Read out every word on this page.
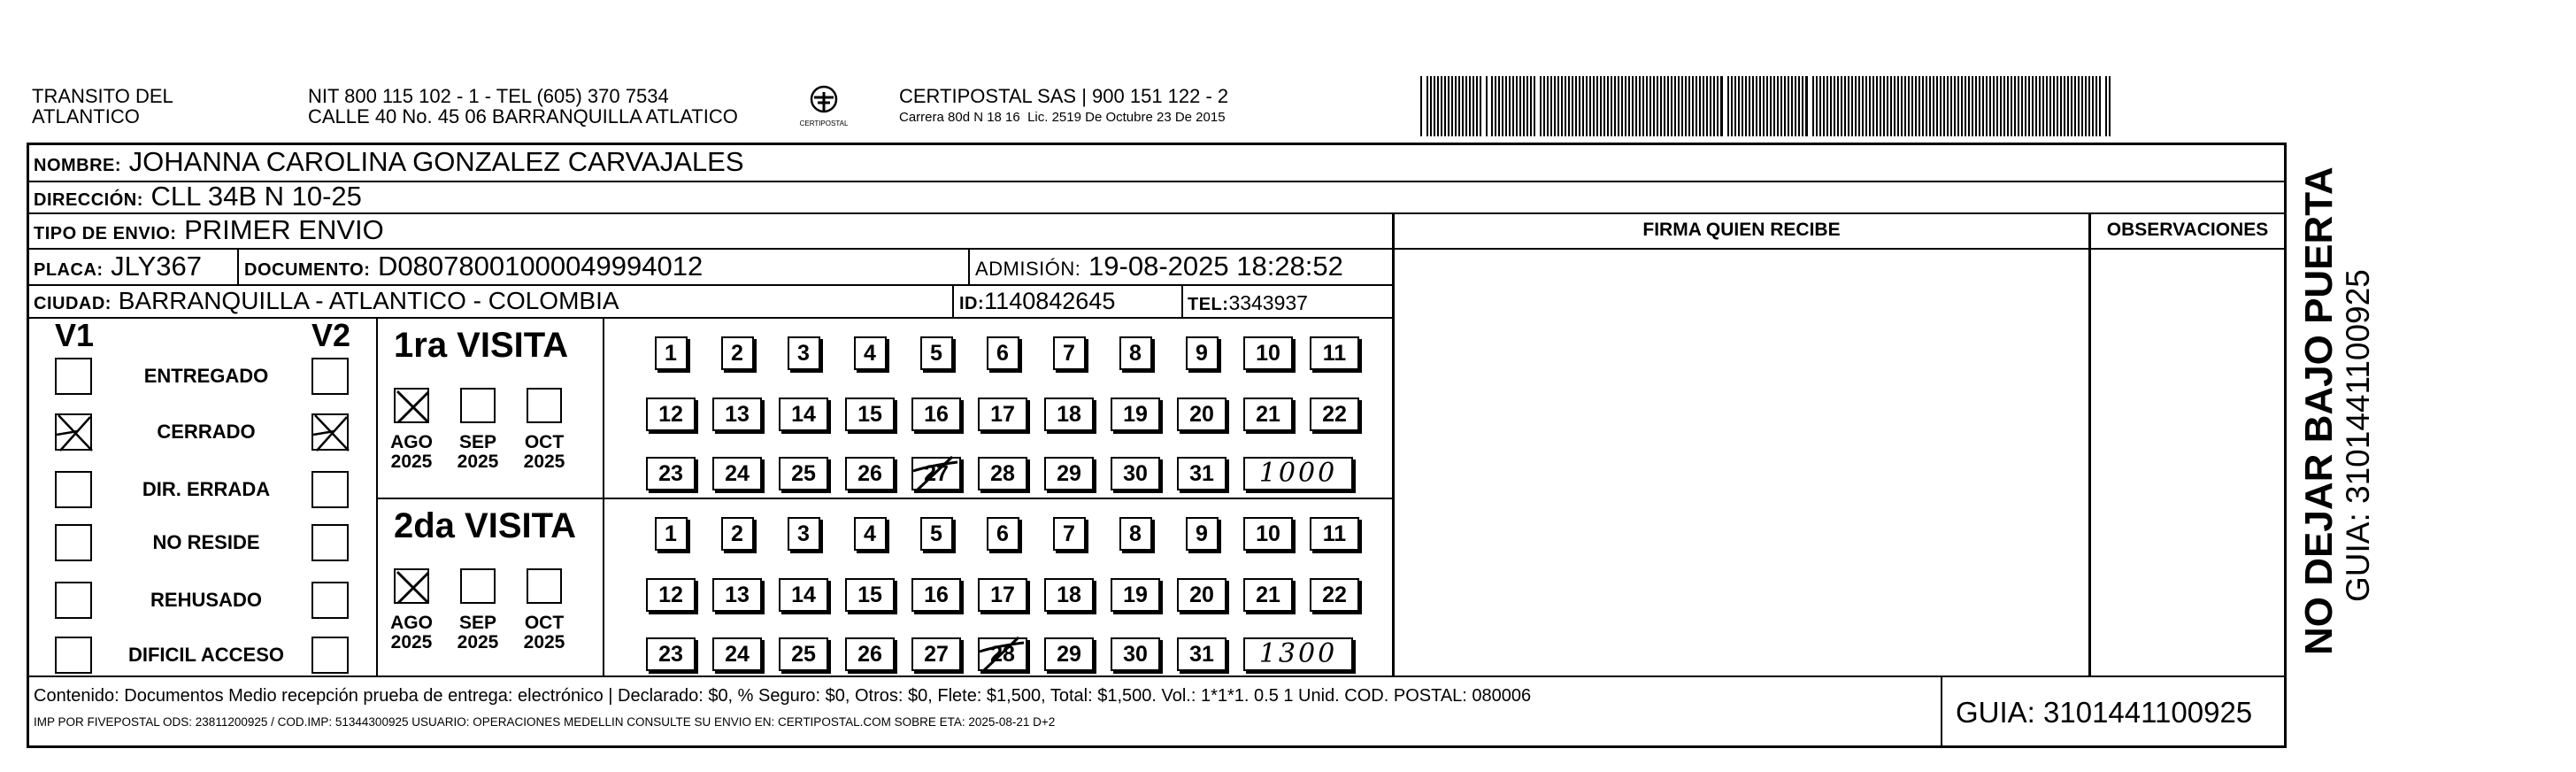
TRANSITO DEL
ATLANTICO
NIT 800 115 102 - 1 - TEL (605) 370 7534
CALLE 40 No. 45 06 BARRANQUILLA ATLATICO	CERTIPOSTAL
CERTIPOSTAL SAS | 900 151 122 - 2
Carrera 80d N 18 16  Lic. 2519 De Octubre 23 De 2015
NOMBRE: JOHANNA CAROLINA GONZALEZ CARVAJALES
DIRECCIÓN: CLL 34B N 10-25
TIPO DE ENVIO: PRIMER ENVIO	FIRMA QUIEN RECIBE	OBSERVACIONES
PLACA: JLY367 DOCUMENTO: D08078001000049994012	ADMISIÓN: 19-08-2025 18:28:52
CIUDAD: BARRANQUILLA - ATLANTICO - COLOMBIA	ID:1140842645	TEL:3343937
V1	V2
ENTREGADO
CERRADO
DIR. ERRADA
NO RESIDE
REHUSADO
DIFICIL ACCESO
1ra VISITA
AGO
2025
SEP
2025
OCT
2025
1	2	3	4	5	6	7	8	9	10	11
12	13	14	15	16	17	18	19	20	21	22
23	24	25	26	27	28	29	30	31	1000
2da VISITA
AGO
2025
SEP
2025
OCT
2025
1	2	3	4	5	6	7	8	9	10	11
12	13	14	15	16	17	18	19	20	21	22
23	24	25	26	27	28	29	30	31	1300
Contenido: Documentos Medio recepción prueba de entrega: electrónico | Declarado: $0, % Seguro: $0, Otros: $0, Flete: $1,500, Total: $1,500. Vol.: 1*1*1. 0.5 1 Unid. COD. POSTAL: 080006
IMP POR FIVEPOSTAL ODS: 23811200925 / COD.IMP: 51344300925 USUARIO: OPERACIONES MEDELLIN CONSULTE SU ENVIO EN: CERTIPOSTAL.COM SOBRE ETA: 2025-08-21 D+2	GUIA: 3101441100925
NO DEJAR BAJO PUERTA GUIA: 3101441100925
